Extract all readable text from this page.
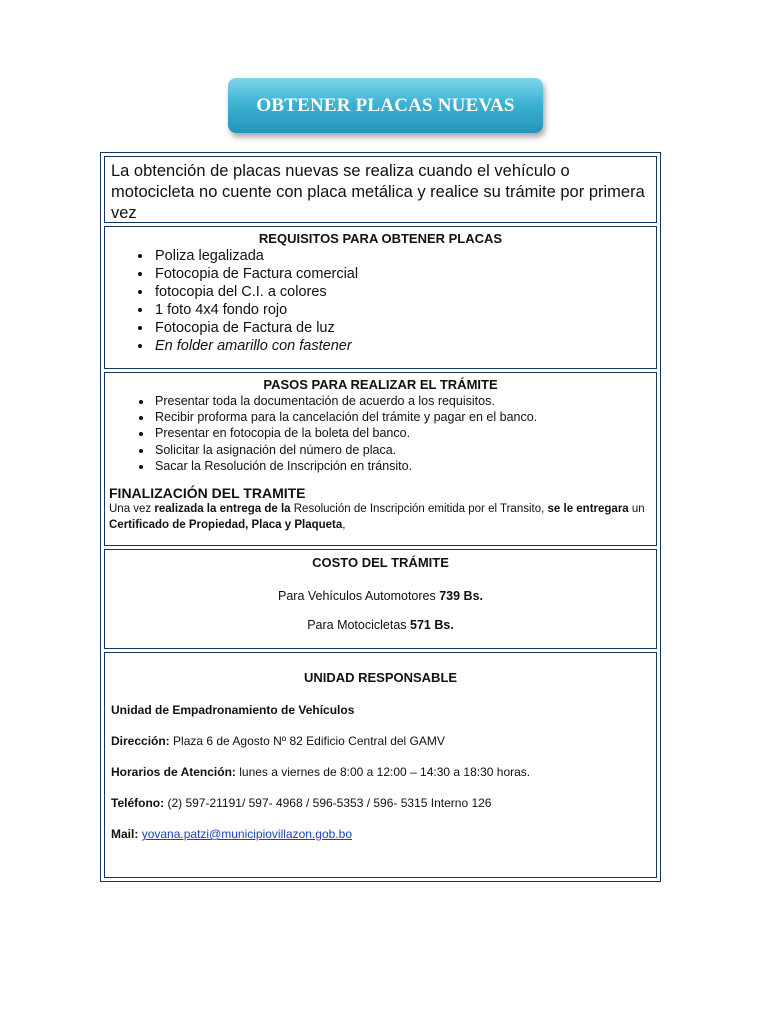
OBTENER PLACAS NUEVAS

La obtención de placas nuevas se realiza cuando el vehículo o motocicleta no cuente con placa metálica y realice su trámite por primera vez

REQUISITOS PARA OBTENER PLACAS

• Poliza legalizada
• Fotocopia de Factura comercial
• fotocopia del C.I. a colores
• 1 foto 4x4 fondo rojo
• Fotocopia de Factura de luz
• En folder amarillo con fastener

PASOS PARA REALIZAR EL TRÁMITE

• Presentar toda la documentación de acuerdo a los requisitos.
• Recibir proforma para la cancelación del trámite y pagar en el banco.
• Presentar en fotocopia de la boleta del banco.
• Solicitar la asignación del número de placa.
• Sacar la Resolución de Inscripción en tránsito.

FINALIZACIÓN DEL TRAMITE

Una vez realizada la entrega de la Resolución de Inscripción emitida por el Transito, se le entregara un Certificado de Propiedad, Placa y Plaqueta,

COSTO DEL TRÁMITE

Para Vehículos Automotores 739 Bs.

Para Motocicletas 571 Bs.

UNIDAD RESPONSABLE

Unidad de Empadronamiento de Vehículos

Dirección: Plaza 6 de Agosto Nº 82 Edificio Central del GAMV

Horarios de Atención: lunes a viernes de 8:00 a 12:00 – 14:30 a 18:30 horas.

Teléfono: (2) 597-21191/ 597- 4968 / 596-5353 / 596- 5315 Interno 126

Mail: yovana.patzi@municipiovillazon.gob.bo
